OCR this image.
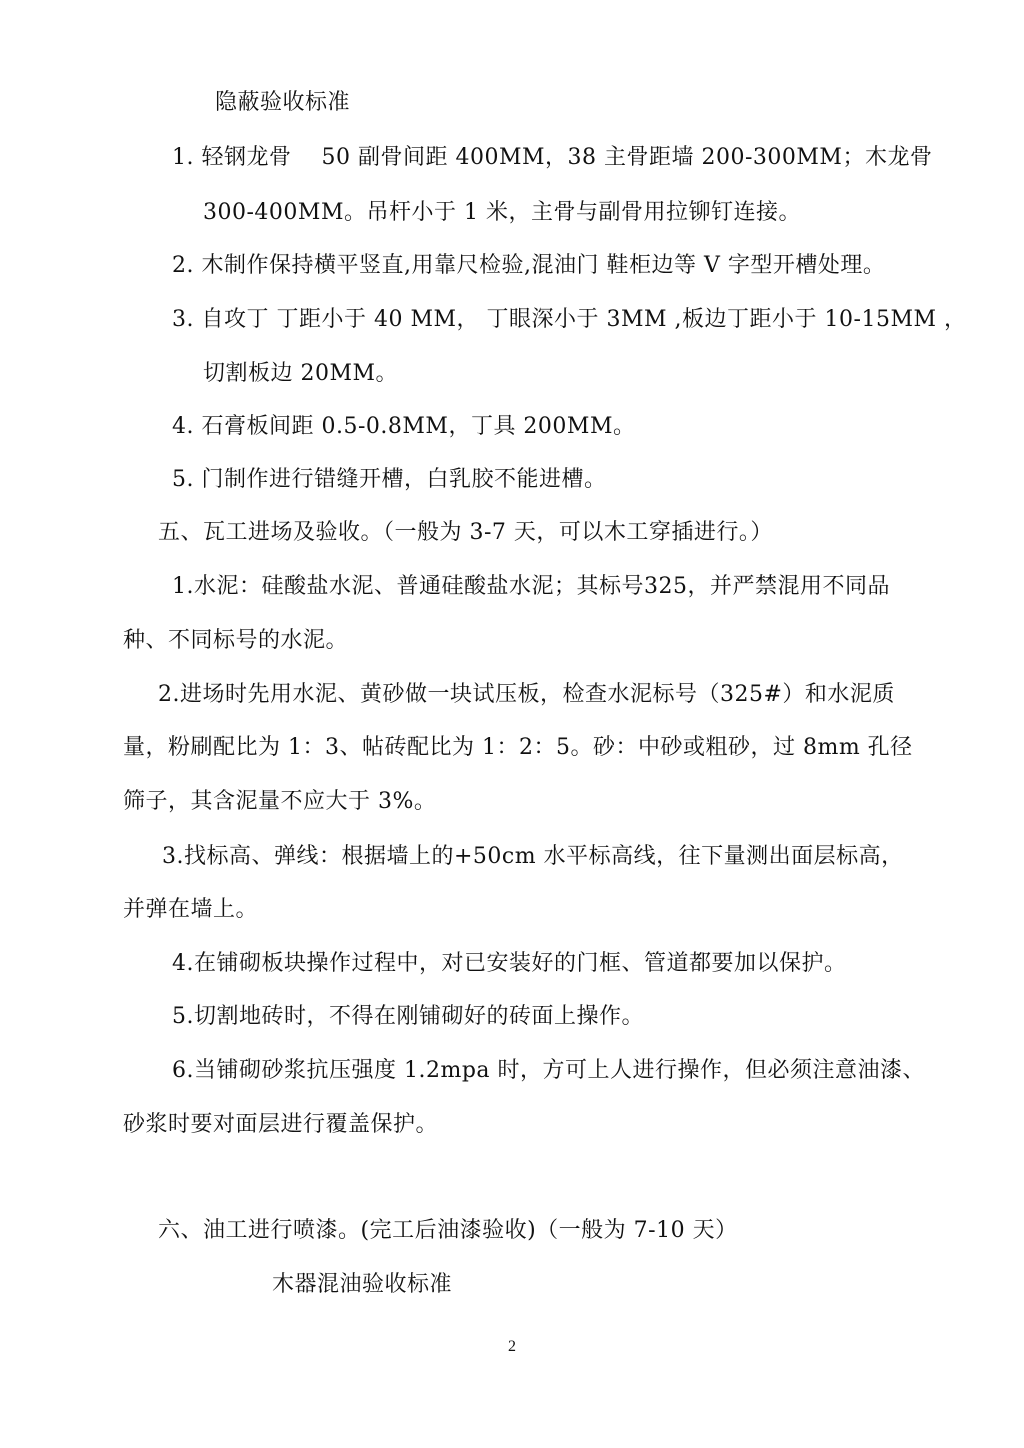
隐蔽验收标准
1. 轻钢龙骨　 50 副骨间距 400MM，38 主骨距墙 200-300MM；木龙骨
300-400MM。吊杆小于 1 米，主骨与副骨用拉铆钉连接。
2. 木制作保持横平竖直,用靠尺检验,混油门 鞋柜边等 V 字型开槽处理。
3. 自攻丁 丁距小于 40 MM， 丁眼深小于 3MM ,板边丁距小于 10-15MM ，
切割板边 20MM。
4. 石膏板间距 0.5-0.8MM，丁具 200MM。
5. 门制作进行错缝开槽，白乳胶不能进槽。
五、瓦工进场及验收。（一般为 3-7 天，可以木工穿插进行。）
1.水泥：硅酸盐水泥、普通硅酸盐水泥；其标号325，并严禁混用不同品
种、不同标号的水泥。
2.进场时先用水泥、黄砂做一块试压板，检查水泥标号（325#）和水泥质
量，粉刷配比为 1：3、帖砖配比为 1：2：5。砂：中砂或粗砂，过 8mm 孔径
筛子，其含泥量不应大于 3%。
3.找标高、弹线：根据墙上的+50cm 水平标高线，往下量测出面层标高，
并弹在墙上。
4.在铺砌板块操作过程中，对已安装好的门框、管道都要加以保护。
5.切割地砖时，不得在刚铺砌好的砖面上操作。
6.当铺砌砂浆抗压强度 1.2mpa 时，方可上人进行操作，但必须注意油漆、
砂浆时要对面层进行覆盖保护。
六、油工进行喷漆。(完工后油漆验收)（一般为 7-10 天）
木器混油验收标准
2
